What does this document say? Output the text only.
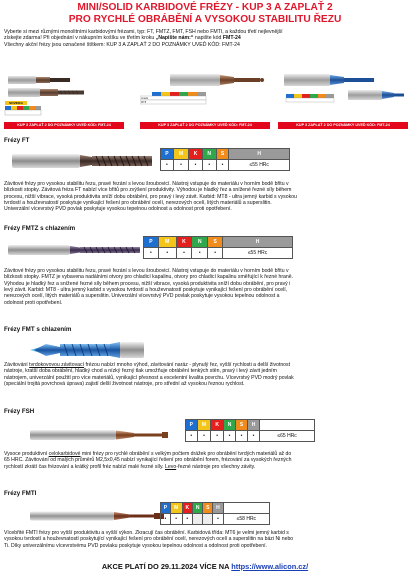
MINI/SOLID KARBIDOVÉ FRÉZY - KUP 3 A ZAPLAŤ 2
PRO RYCHLÉ OBRÁBĚNÍ A VYSOKOU STABILITU ŘEZU
Vyberte si mezi různými monolitními karbidovými frézami, typ: FT, FMTZ, FMT, FSH nebo FMTI, a každou třetí nejlevnější
získejte zdarma! Při objednání v nákupním košíku ve třetím kroku „Napište nám:“ napište kód FMT-24
Všechny akční frézy jsou označené štítkem: KUP 3 A ZAPLAŤ 2 DO POZNÁMKY UVEĎ KÓD: FMT-24
NOVINKA
KUP 3 ZAPLAŤ 2 DO POZNÁMKY UVEĎ KÓD: FMT-24
Grade
MT8
KUP 3 ZAPLAŤ 2 DO POZNÁMKY UVEĎ KÓD: FMT-24	KUP 3 ZAPLAŤ 2 DO POZNÁMKY UVEĎ KÓD: FMT-24
Frézy FT
P	M	K	N	S	H
•	•	•	•	•	≤55 HRc
Závitové frézy pro vysokou stabilitu řezu, pravé řezání s levou šroubovicí. Nástroj vstupuje do materiálu v horním bodě břitu v
blízkosti stopky. Závitová fréza FT nabízí více břitů pro zvýšení produktivity. Výhodou je hladký řez a snížené řezné síly během
procesu, nižší vibrace, vysoká produktivita sníží dobu obrábění, pro pravý i levý závit. Karbid: MT8 - ultra jemný karbid s vysokou
tvrdostí a houževnatostí poskytuje vynikající řešení pro obrábění ocelí, nerezových ocelí, litých materiálů a superslitin.
Univerzální vícevrstvý PVD povlak poskytuje vysokou tepelnou odolnost a odolnost proti opotřebení.
Frézy FMTZ s chlazením
P	M	K	N	S	H
•	•	•	•	•	≤55 HRc
Závitové frézy pro vysokou stabilitu řezu, pravé řezání s levou šroubovicí. Nástroj vstupuje do materiálu v horním bodě břitu v
blízkosti stopky. FMTZ je vybavena nadálními otvory pro chladicí kapalinu, otvory pro chladicí kapalinu směřující k řezné hraně.
Výhodou je hladký řez a snížené řezné síly během procesu, nižší vibrace, vysoká produktivita sníží dobu obrábění, pro pravý i
levý závit. Karbid: MT8 - ultra jemný karbid s vysokou tvrdostí a houževnatostí poskytuje vynikající řešení pro obrábění ocelí,
nerezových ocelí, litých materiálů a superslitin. Univerzální vícevrstvý PVD povlak poskytuje vysokou tepelnou odolnost a
odolnost proti opotřebení.
Frézy FMT s chlazením
Závitování tvrdokovovou závitovací frézou nabízí mnoho výhod, závitování naráz - plynulý řez, vyšší rychlosti a delší životnost
nástroje, kratší doba obrábění, hladký chod a nízký řezný tlak umožňuje obrábění tenkých stěn, pravý i levý závit jedním
nástrojem, univerzální použití pro více materiálů, vynikající přesnost a excelentní kvalita povrchu. Vícevrstvý PVD modrý povlak
(speciální trojitá povrchová úprava) zajistí delší životnost nástroje, pro střední až vysokou řeznou rychlost.
Frézy FSH
P	M	K	N	S	H	
•	•	•	•	•	•	≤65 HRc
Vysoce produktivní celokarbidové mini frézy pro rychlé obrábění s velkým počtem drážek pro obrábění tvrdých materiálů až do
65 HRC. Závitování od malých průměrů M2,5x0,45 nabízí vynikající řešení pro obrábění forem, frézování za vysokých řezných
rychlostí zkrátí čas frézování a krátký profil fréz nabízí malé řezné síly. Levo-řezné nástroje pro všechny závity.
Frézy FMTI
P	M	K	N	S	H	
•	•	•			•	≤58 HRc
Vícebřité FMTI frézy pro vyšší produktivitu a vyšší výkon. Zkracují čas obrábění. Karbidová třída: MT6 je velmi jemný karbid s
vysokou tvrdostí a houževnatostí poskytující vynikající řešení pro obrábění ocelí, nerezových ocelí a superslitin na bázi Ni nebo
Ti. Díky univerzálnímu vícevrstvému PVD povlaku poskytuje vysokou tepelnou odolnost a odolnost proti opotřebení.
AKCE PLATÍ DO 29.11.2024 VÍCE NA https://www.alicon.cz/
